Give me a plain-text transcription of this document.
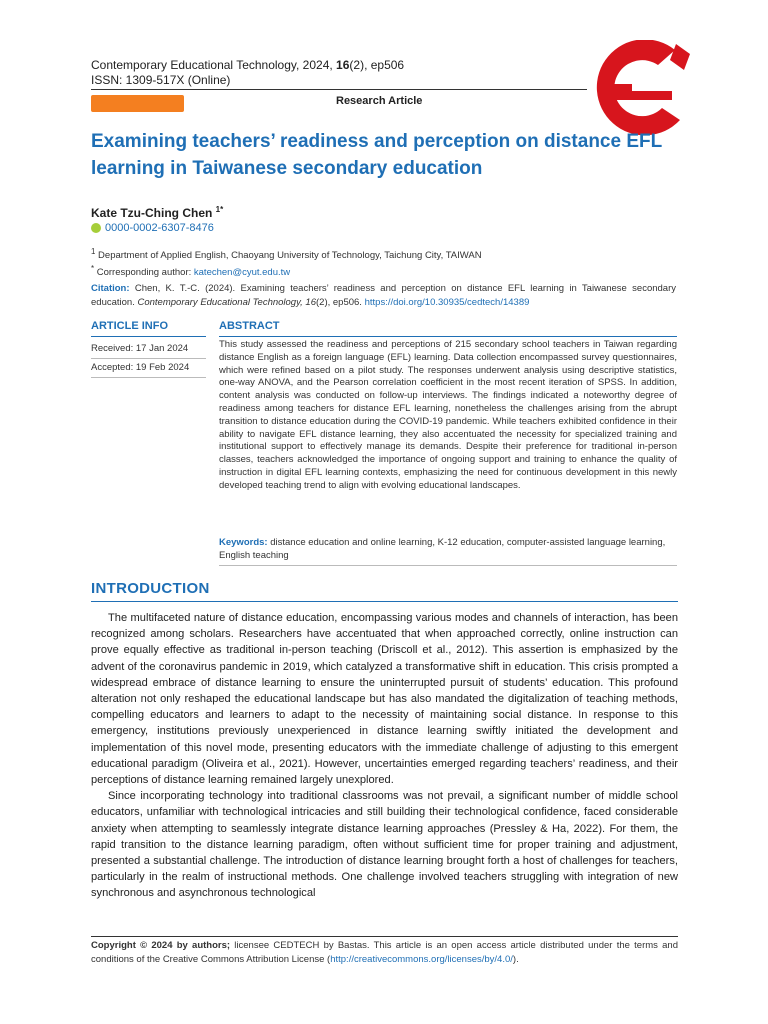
Contemporary Educational Technology, 2024, 16(2), ep506
ISSN: 1309-517X (Online)
Research Article
Examining teachers’ readiness and perception on distance EFL learning in Taiwanese secondary education
Kate Tzu-Ching Chen $^{1*}$
0000-0002-6307-8476
$^1$ Department of Applied English, Chaoyang University of Technology, Taichung City, TAIWAN
* Corresponding author: katechen@cyut.edu.tw
Citation: Chen, K. T.-C. (2024). Examining teachers’ readiness and perception on distance EFL learning in Taiwanese secondary education. Contemporary Educational Technology, 16(2), ep506. https://doi.org/10.30935/cedtech/14389
ARTICLE INFO	ABSTRACT
Received: 17 Jan 2024
Accepted: 19 Feb 2024
This study assessed the readiness and perceptions of 215 secondary school teachers in Taiwan regarding distance English as a foreign language (EFL) learning. Data collection encompassed survey questionnaires, which were refined based on a pilot study. The responses underwent analysis using descriptive statistics, one-way ANOVA, and the Pearson correlation coefficient in the most recent iteration of SPSS. In addition, content analysis was conducted on follow-up interviews. The findings indicated a noteworthy degree of readiness among teachers for distance EFL learning, nonetheless the challenges arising from the abrupt transition to distance education during the COVID-19 pandemic. While teachers exhibited confidence in their ability to navigate EFL distance learning, they also accentuated the necessity for specialized training and institutional support to effectively manage its demands. Despite their preference for traditional in-person classes, teachers acknowledged the importance of ongoing support and training to enhance the quality of instruction in digital EFL learning contexts, emphasizing the need for continuous development in this newly developed teaching trend to align with evolving educational landscapes.
Keywords: distance education and online learning, K-12 education, computer-assisted language learning, English teaching
INTRODUCTION

The multifaceted nature of distance education, encompassing various modes and channels of interaction, has been recognized among scholars. Researchers have accentuated that when approached correctly, online instruction can prove equally effective as traditional in-person teaching (Driscoll et al., 2012). This assertion is emphasized by the advent of the coronavirus pandemic in 2019, which catalyzed a transformative shift in education. This crisis prompted a widespread embrace of distance learning to ensure the uninterrupted pursuit of students’ education. This profound alteration not only reshaped the educational landscape but has also mandated the digitalization of teaching methods, compelling educators and learners to adapt to the necessity of maintaining social distance. In response to this emergency, institutions previously unexperienced in distance learning swiftly initiated the development and implementation of this novel mode, presenting educators with the immediate challenge of adjusting to this emergent educational paradigm (Oliveira et al., 2021). However, uncertainties emerged regarding teachers’ readiness, and their perceptions of distance learning remained largely unexplored.

Since incorporating technology into traditional classrooms was not prevail, a significant number of middle school educators, unfamiliar with technological intricacies and still building their technological confidence, faced considerable anxiety when attempting to seamlessly integrate distance learning approaches (Pressley & Ha, 2022). For them, the rapid transition to the distance learning paradigm, often without sufficient time for proper training and adjustment, presented a substantial challenge. The introduction of distance learning brought forth a host of challenges for teachers, particularly in the realm of instructional methods. One challenge involved teachers struggling with integration of new synchronous and asynchronous technological

Copyright © 2024 by authors; licensee CEDTECH by Bastas. This article is an open access article distributed under the terms and conditions of the Creative Commons Attribution License (http://creativecommons.org/licenses/by/4.0/).
